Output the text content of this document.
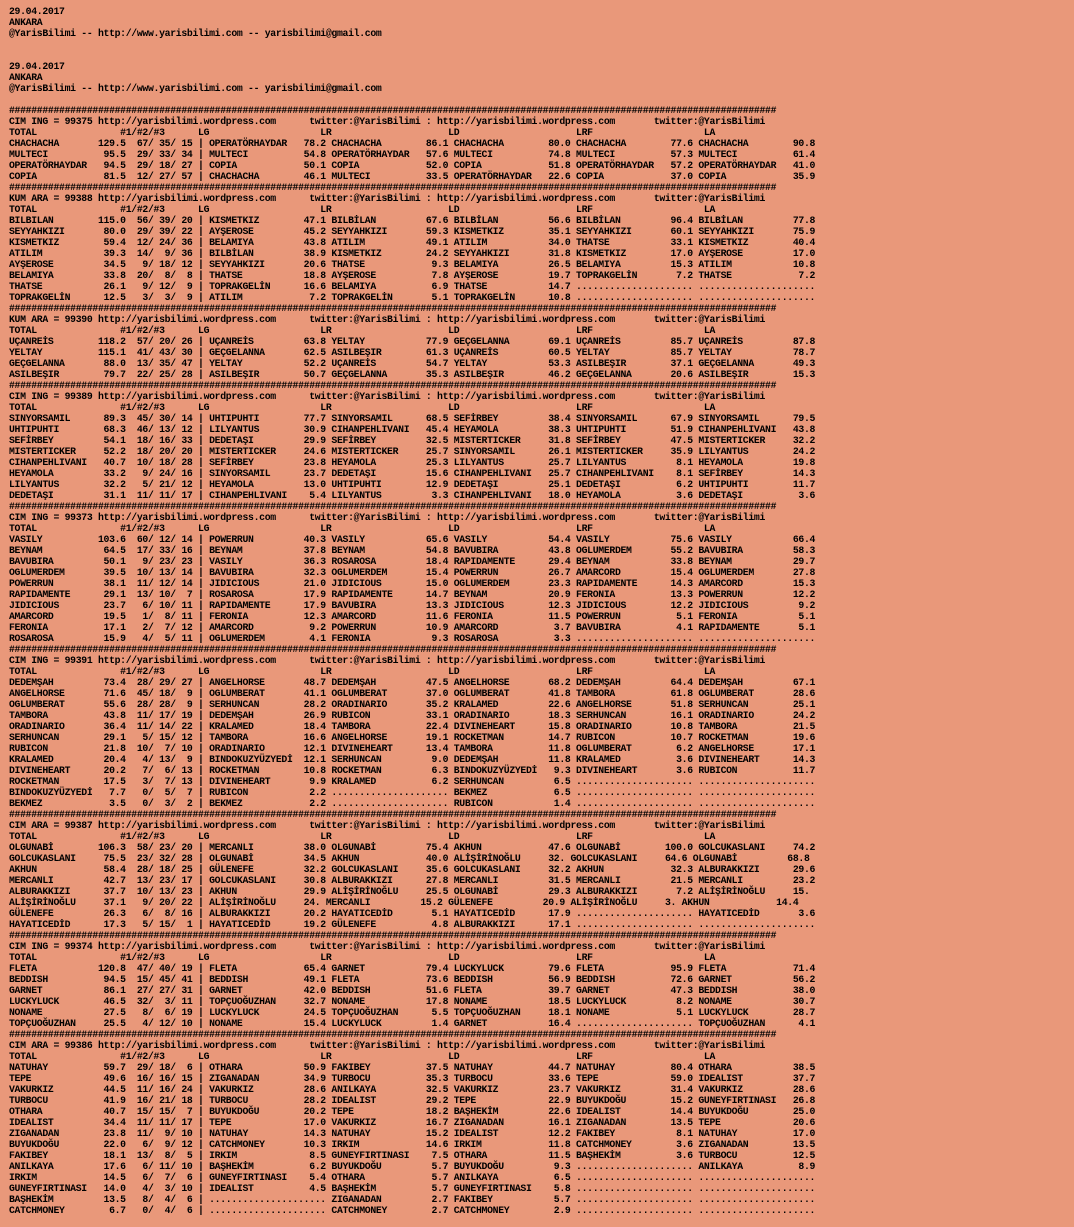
29.04.2017
ANKARA
@YarisBilimi -- http://www.yarisbilimi.com -- yarisbilimi@gmail.com
29.04.2017
ANKARA
@YarisBilimi -- http://www.yarisbilimi.com -- yarisbilimi@gmail.com
##########################################################################################################################################
CIM ING = 99375 http://yarisbilimi.wordpress.com      twitter:@YarisBilimi : http://yarisbilimi.wordpress.com       twitter:@YarisBilimi
TOTAL               #1/#2/#3      LG                    LR                     LD                     LRF                    LA
CHACHACHA       129.5  67/ 35/ 15 | OPERATÖRHAYDAR   78.2 CHACHACHA        86.1 CHACHACHA        80.0 CHACHACHA        77.6 CHACHACHA        90.8
MULTECI          95.5  29/ 33/ 34 | MULTECI          54.8 OPERATÖRHAYDAR   57.6 MULTECI          74.8 MULTECI          57.3 MULTECI          61.4
OPERATÖRHAYDAR   94.5  29/ 18/ 27 | COPIA            50.1 COPIA            52.0 COPIA            51.8 OPERATÖRHAYDAR   57.2 OPERATÖRHAYDAR   41.0
COPIA            81.5  12/ 27/ 57 | CHACHACHA        46.1 MULTECI          33.5 OPERATÖRHAYDAR   22.6 COPIA            37.0 COPIA            35.9
##########################################################################################################################################
KUM ARA = 99388 http://yarisbilimi.wordpress.com      twitter:@YarisBilimi : http://yarisbilimi.wordpress.com       twitter:@YarisBilimi
TOTAL               #1/#2/#3      LG                    LR                     LD                     LRF                    LA
BILBILAN        115.0  56/ 39/ 20 | KISMETKIZ        47.1 BILBİLAN         67.6 BILBİLAN         56.6 BILBİLAN         96.4 BILBİLAN         77.8
SEYYAHKIZI       80.0  29/ 39/ 22 | AYŞEROSE         45.2 SEYYAHKIZI       59.3 KISMETKIZ        35.1 SEYYAHKIZI       60.1 SEYYAHKIZI       75.9
KISMETKIZ        59.4  12/ 24/ 36 | BELAMIYA         43.8 ATILIM           49.1 ATILIM           34.0 THATSE           33.1 KISMETKIZ        40.4
ATILIM           39.3  14/  9/ 36 | BILBİLAN         38.9 KISMETKIZ        24.2 SEYYAHKIZI       31.8 KISMETKIZ        17.0 AYŞEROSE         17.0
AYŞEROSE         34.5   9/ 18/ 12 | SEYYAHKIZI       20.6 THATSE            9.3 BELAMIYA         26.5 BELAMIYA         15.3 ATILIM           10.8
BELAMIYA         33.8  20/  8/  8 | THATSE           18.8 AYŞEROSE          7.8 AYŞEROSE         19.7 TOPRAKGELİN       7.2 THATSE            7.2
THATSE           26.1   9/ 12/  9 | TOPRAKGELİN      16.6 BELAMIYA          6.9 THATSE           14.7 ..................... .....................
TOPRAKGELİN      12.5   3/  3/  9 | ATILIM            7.2 TOPRAKGELİN       5.1 TOPRAKGELİN      10.8 ..................... .....................
##########################################################################################################################################
KUM ARA = 99390 http://yarisbilimi.wordpress.com      twitter:@YarisBilimi : http://yarisbilimi.wordpress.com       twitter:@YarisBilimi
TOTAL               #1/#2/#3      LG                    LR                     LD                     LRF                    LA
UÇANREİS        118.2  57/ 20/ 26 | UÇANREİS         63.8 YELTAY           77.9 GEÇGELANNA       69.1 UÇANREİS         85.7 UÇANREİS         87.8
YELTAY          115.1  41/ 43/ 30 | GEÇGELANNA       62.5 ASILBEŞIR        61.3 UÇANREİS         60.5 YELTAY           85.7 YELTAY           78.7
GEÇGELANNA       88.0  13/ 35/ 47 | YELTAY           52.2 UÇANREİS         54.7 YELTAY           53.3 ASILBEŞIR        37.1 GEÇGELANNA       49.3
ASILBEŞIR        79.7  22/ 25/ 28 | ASILBEŞIR        50.7 GEÇGELANNA       35.3 ASILBEŞIR        46.2 GEÇGELANNA       20.6 ASILBEŞIR        15.3
##########################################################################################################################################
CIM ING = 99389 http://yarisbilimi.wordpress.com      twitter:@YarisBilimi : http://yarisbilimi.wordpress.com       twitter:@YarisBilimi
TOTAL               #1/#2/#3      LG                    LR                     LD                     LRF                    LA
SINYORSAMIL      89.3  45/ 30/ 14 | UHTIPUHTI        77.7 SINYORSAMIL      68.5 SEFİRBEY         38.4 SINYORSAMIL      67.9 SINYORSAMIL      79.5
UHTIPUHTI        68.3  46/ 13/ 12 | LILYANTUS        30.9 CIHANPEHLIVANI   45.4 HEYAMOLA         38.3 UHTIPUHTI        51.9 CIHANPEHLIVANI   43.8
SEFİRBEY         54.1  18/ 16/ 33 | DEDETAŞI         29.9 SEFİRBEY         32.5 MISTERTICKER     31.8 SEFİRBEY         47.5 MISTERTICKER     32.2
MISTERTICKER     52.2  18/ 20/ 20 | MISTERTICKER     24.6 MISTERTICKER     25.7 SINYORSAMIL      26.1 MISTERTICKER     35.9 LILYANTUS        24.2
CIHANPEHLIVANI   40.7  10/ 18/ 28 | SEFİRBEY         23.8 HEYAMOLA         25.3 LILYANTUS        25.7 LILYANTUS         8.1 HEYAMOLA         19.8
HEYAMOLA         33.2   9/ 24/ 16 | SINYORSAMIL      23.7 DEDETAŞI         15.6 CIHANPEHLIVANI   25.7 CIHANPEHLIVANI    8.1 SEFİRBEY         14.3
LILYANTUS        32.2   5/ 21/ 12 | HEYAMOLA         13.0 UHTIPUHTI        12.9 DEDETAŞI         25.1 DEDETAŞI          6.2 UHTIPUHTI        11.7
DEDETAŞI         31.1  11/ 11/ 17 | CIHANPEHLIVANI    5.4 LILYANTUS         3.3 CIHANPEHLIVANI   18.0 HEYAMOLA          3.6 DEDETAŞI          3.6
##########################################################################################################################################
CIM ING = 99373 http://yarisbilimi.wordpress.com      twitter:@YarisBilimi : http://yarisbilimi.wordpress.com       twitter:@YarisBilimi
TOTAL               #1/#2/#3      LG                    LR                     LD                     LRF                    LA
VASILY          103.6  60/ 12/ 14 | POWERRUN         40.3 VASILY           65.6 VASILY           54.4 VASILY           75.6 VASILY           66.4
BEYNAM           64.5  17/ 33/ 16 | BEYNAM           37.8 BEYNAM           54.8 BAVUBIRA         43.8 OGLUMERDEM       55.2 BAVUBIRA         58.3
BAVUBIRA         50.1   9/ 23/ 23 | VASILY           36.3 ROSAROSA         18.4 RAPIDAMENTE      29.4 BEYNAM           33.8 BEYNAM           29.7
OGLUMERDEM       39.5  10/ 13/ 14 | BAVUBIRA         32.3 OGLUMERDEM       15.4 POWERRUN         26.7 AMARCORD         15.4 OGLUMERDEM       27.8
POWERRUN         38.1  11/ 12/ 14 | JIDICIOUS        21.0 JIDICIOUS        15.0 OGLUMERDEM       23.3 RAPIDAMENTE      14.3 AMARCORD         15.3
RAPIDAMENTE      29.1  13/ 10/  7 | ROSAROSA         17.9 RAPIDAMENTE      14.7 BEYNAM           20.9 FERONIA          13.3 POWERRUN         12.2
JIDICIOUS        23.7   6/ 10/ 11 | RAPIDAMENTE      17.9 BAVUBIRA         13.3 JIDICIOUS        12.3 JIDICIOUS        12.2 JIDICIOUS         9.2
AMARCORD         19.5   1/  8/ 11 | FERONIA          12.3 AMARCORD         11.6 FERONIA          11.5 POWERRUN          5.1 FERONIA           5.1
FERONIA          17.1   2/  7/ 12 | AMARCORD          9.2 POWERRUN         10.9 AMARCORD          3.7 BAVUBIRA          4.1 RAPIDAMENTE       5.1
ROSAROSA         15.9   4/  5/ 11 | OGLUMERDEM        4.1 FERONIA           9.3 ROSAROSA          3.3 ..................... .....................
##########################################################################################################################################
CIM ING = 99391 http://yarisbilimi.wordpress.com      twitter:@YarisBilimi : http://yarisbilimi.wordpress.com       twitter:@YarisBilimi
TOTAL               #1/#2/#3      LG                    LR                     LD                     LRF                    LA
DEDEMŞAH         73.4  28/ 29/ 27 | ANGELHORSE       48.7 DEDEMŞAH         47.5 ANGELHORSE       68.2 DEDEMŞAH         64.4 DEDEMŞAH         67.1
ANGELHORSE       71.6  45/ 18/  9 | OGLUMBERAT       41.1 OGLUMBERAT       37.0 OGLUMBERAT       41.8 TAMBORA          61.8 OGLUMBERAT       28.6
OGLUMBERAT       55.6  28/ 28/  9 | SERHUNCAN        28.2 ORADINARIO       35.2 KRALAMED         22.6 ANGELHORSE       51.8 SERHUNCAN        25.1
TAMBORA          43.8  11/ 17/ 19 | DEDEMŞAH         26.9 RUBICON          33.1 ORADINARIO       18.3 SERHUNCAN        16.1 ORADINARIO       24.2
ORADINARIO       36.4  11/ 14/ 22 | KRALAMED         18.4 TAMBORA          22.4 DIVINEHEART      15.8 ORADINARIO       10.8 TAMBORA          21.5
SERHUNCAN        29.1   5/ 15/ 12 | TAMBORA          16.6 ANGELHORSE       19.1 ROCKETMAN        14.7 RUBICON          10.7 ROCKETMAN        19.6
RUBICON          21.8  10/  7/ 10 | ORADINARIO       12.1 DIVINEHEART      13.4 TAMBORA          11.8 OGLUMBERAT        6.2 ANGELHORSE       17.1
KRALAMED         20.4   4/ 13/  9 | BINDOKUZYÜZYEDİ  12.1 SERHUNCAN         9.0 DEDEMŞAH         11.8 KRALAMED          3.6 DIVINEHEART      14.3
DIVINEHEART      20.2   7/  6/ 13 | ROCKETMAN        10.8 ROCKETMAN         6.3 BINDOKUZYÜZYEDİ   9.3 DIVINEHEART       3.6 RUBICON          11.7
ROCKETMAN        17.5   3/  7/ 13 | DIVINEHEART       9.9 KRALAMED          6.2 SERHUNCAN         6.5 ..................... .....................
BINDOKUZYÜZYEDİ   7.7   0/  5/  7 | RUBICON           2.2 ..................... BEKMEZ            6.5 ..................... .....................
BEKMEZ            3.5   0/  3/  2 | BEKMEZ            2.2 ..................... RUBICON           1.4 ..................... .....................
##########################################################################################################################################
CIM ARA = 99387 http://yarisbilimi.wordpress.com      twitter:@YarisBilimi : http://yarisbilimi.wordpress.com       twitter:@YarisBilimi
TOTAL               #1/#2/#3      LG                    LR                     LD                     LRF                    LA
OLGUNABİ        106.3  58/ 23/ 20 | MERCANLI         38.0 OLGUNABİ         75.4 AKHUN            47.6 OLGUNABİ        100.0 GOLCUKASLANI     74.2
GOLCUKASLANI     75.5  23/ 32/ 28 | OLGUNABİ         34.5 AKHUN            40.0 ALİŞİRİNOĞLU     32. GOLCUKASLANI     64.6 OLGUNABİ         68.8
AKHUN            58.4  28/ 18/ 25 | GÜLENEFE         32.2 GOLCUKASLANI     35.6 GOLCUKASLANI     32.2 AKHUN            32.3 ALBURAKKIZI      29.6
MERCANLI         42.7  13/ 23/ 17 | GOLCUKASLANI     30.8 ALBURAKKIZI      27.8 MERCANLI         31.5 MERCANLI         21.5 MERCANLI         23.2
ALBURAKKIZI      37.7  10/ 13/ 23 | AKHUN            29.9 ALİŞİRİNOĞLU     25.5 OLGUNABİ         29.3 ALBURAKKIZI       7.2 ALİŞİRİNOĞLU     15.
ALİŞİRİNOĞLU     37.1   9/ 20/ 22 | ALİŞİRİNOĞLU     24. MERCANLI         15.2 GÜLENEFE         20.9 ALİŞİRİNOĞLU     3. AKHUN            14.4
GÜLENEFE         26.3   6/  8/ 16 | ALBURAKKIZI      20.2 HAYATICEDİD       5.1 HAYATICEDİD      17.9 ..................... HAYATICEDİD       3.6
HAYATICEDİD      17.3   5/ 15/  1 | HAYATICEDİD      19.2 GÜLENEFE          4.8 ALBURAKKIZI      17.1 ..................... .....................
##########################################################################################################################################
CIM ING = 99374 http://yarisbilimi.wordpress.com      twitter:@YarisBilimi : http://yarisbilimi.wordpress.com       twitter:@YarisBilimi
TOTAL               #1/#2/#3      LG                    LR                     LD                     LRF                    LA
FLETA           120.8  47/ 40/ 19 | FLETA            65.4 GARNET           79.4 LUCKYLUCK        79.6 FLETA            95.9 FLETA            71.4
BEDDISH          94.5  15/ 45/ 41 | BEDDISH          49.1 FLETA            73.6 BEDDISH          56.9 BEDDISH          72.6 GARNET           56.2
GARNET           86.1  27/ 27/ 31 | GARNET           42.0 BEDDISH          51.6 FLETA            39.7 GARNET           47.3 BEDDISH          38.0
LUCKYLUCK        46.5  32/  3/ 11 | TOPÇUOĞUZHAN     32.7 NONAME           17.8 NONAME           18.5 LUCKYLUCK         8.2 NONAME           30.7
NONAME           27.5   8/  6/ 19 | LUCKYLUCK        24.5 TOPÇUOĞUZHAN      5.5 TOPÇUOĞUZHAN     18.1 NONAME            5.1 LUCKYLUCK        28.7
TOPÇUOĞUZHAN     25.5   4/ 12/ 10 | NONAME           15.4 LUCKYLUCK         1.4 GARNET           16.4 ..................... TOPÇUOĞUZHAN      4.1
##########################################################################################################################################
CIM ARA = 99386 http://yarisbilimi.wordpress.com      twitter:@YarisBilimi : http://yarisbilimi.wordpress.com       twitter:@YarisBilimi
TOTAL               #1/#2/#3      LG                    LR                     LD                     LRF                    LA
NATUHAY          59.7  29/ 18/  6 | OTHARA           50.9 FAKIBEY          37.5 NATUHAY          44.7 NATUHAY          80.4 OTHARA           38.5
TEPE             49.6  16/ 16/ 15 | ZIGANADAN        34.9 TURBOCU          35.3 TURBOCU          33.6 TEPE             59.0 IDEALIST         37.7
VAKURKIZ         44.5  11/ 16/ 24 | VAKURKIZ         28.6 ANILKAYA         32.5 VAKURKIZ         23.7 VAKURKIZ         31.4 VAKURKIZ         28.6
TURBOCU          41.9  16/ 21/ 18 | TURBOCU          28.2 IDEALIST         29.2 TEPE             22.9 BUYUKDOĞU        15.2 GUNEYFIRTINASI   26.8
OTHARA           40.7  15/ 15/  7 | BUYUKDOĞU        20.2 TEPE             18.2 BAŞHEKİM         22.6 IDEALIST         14.4 BUYUKDOĞU        25.0
IDEALIST         34.4  11/ 11/ 17 | TEPE             17.0 VAKURKIZ         16.7 ZIGANADAN        16.1 ZIGANADAN        13.5 TEPE             20.6
ZIGANADAN        23.8  11/  9/ 10 | NATUHAY          14.3 NATUHAY          15.2 IDEALIST         12.2 FAKIBEY           8.1 NATUHAY          17.0
BUYUKDOĞU        22.0   6/  9/ 12 | CATCHMONEY       10.3 IRKIM            14.6 IRKIM            11.8 CATCHMONEY        3.6 ZIGANADAN        13.5
FAKIBEY          18.1  13/  8/  5 | IRKIM             8.5 GUNEYFIRTINASI    7.5 OTHARA           11.5 BAŞHEKİM          3.6 TURBOCU          12.5
ANILKAYA         17.6   6/ 11/ 10 | BAŞHEKİM          6.2 BUYUKDOĞU         5.7 BUYUKDOĞU         9.3 ..................... ANILKAYA          8.9
IRKIM            14.5   6/  7/  6 | GUNEYFIRTINASI    5.4 OTHARA            5.7 ANILKAYA          6.5 ..................... .....................
GUNEYFIRTINASI   14.0   4/  3/ 10 | IDEALIST          4.5 BAŞHEKİM          5.7 GUNEYFIRTINASI    5.8 ..................... .....................
BAŞHEKİM         13.5   8/  4/  6 | ..................... ZIGANADAN         2.7 FAKIBEY           5.7 ..................... .....................
CATCHMONEY        6.7   0/  4/  6 | ..................... CATCHMONEY        2.7 CATCHMONEY        2.9 ..................... .....................
